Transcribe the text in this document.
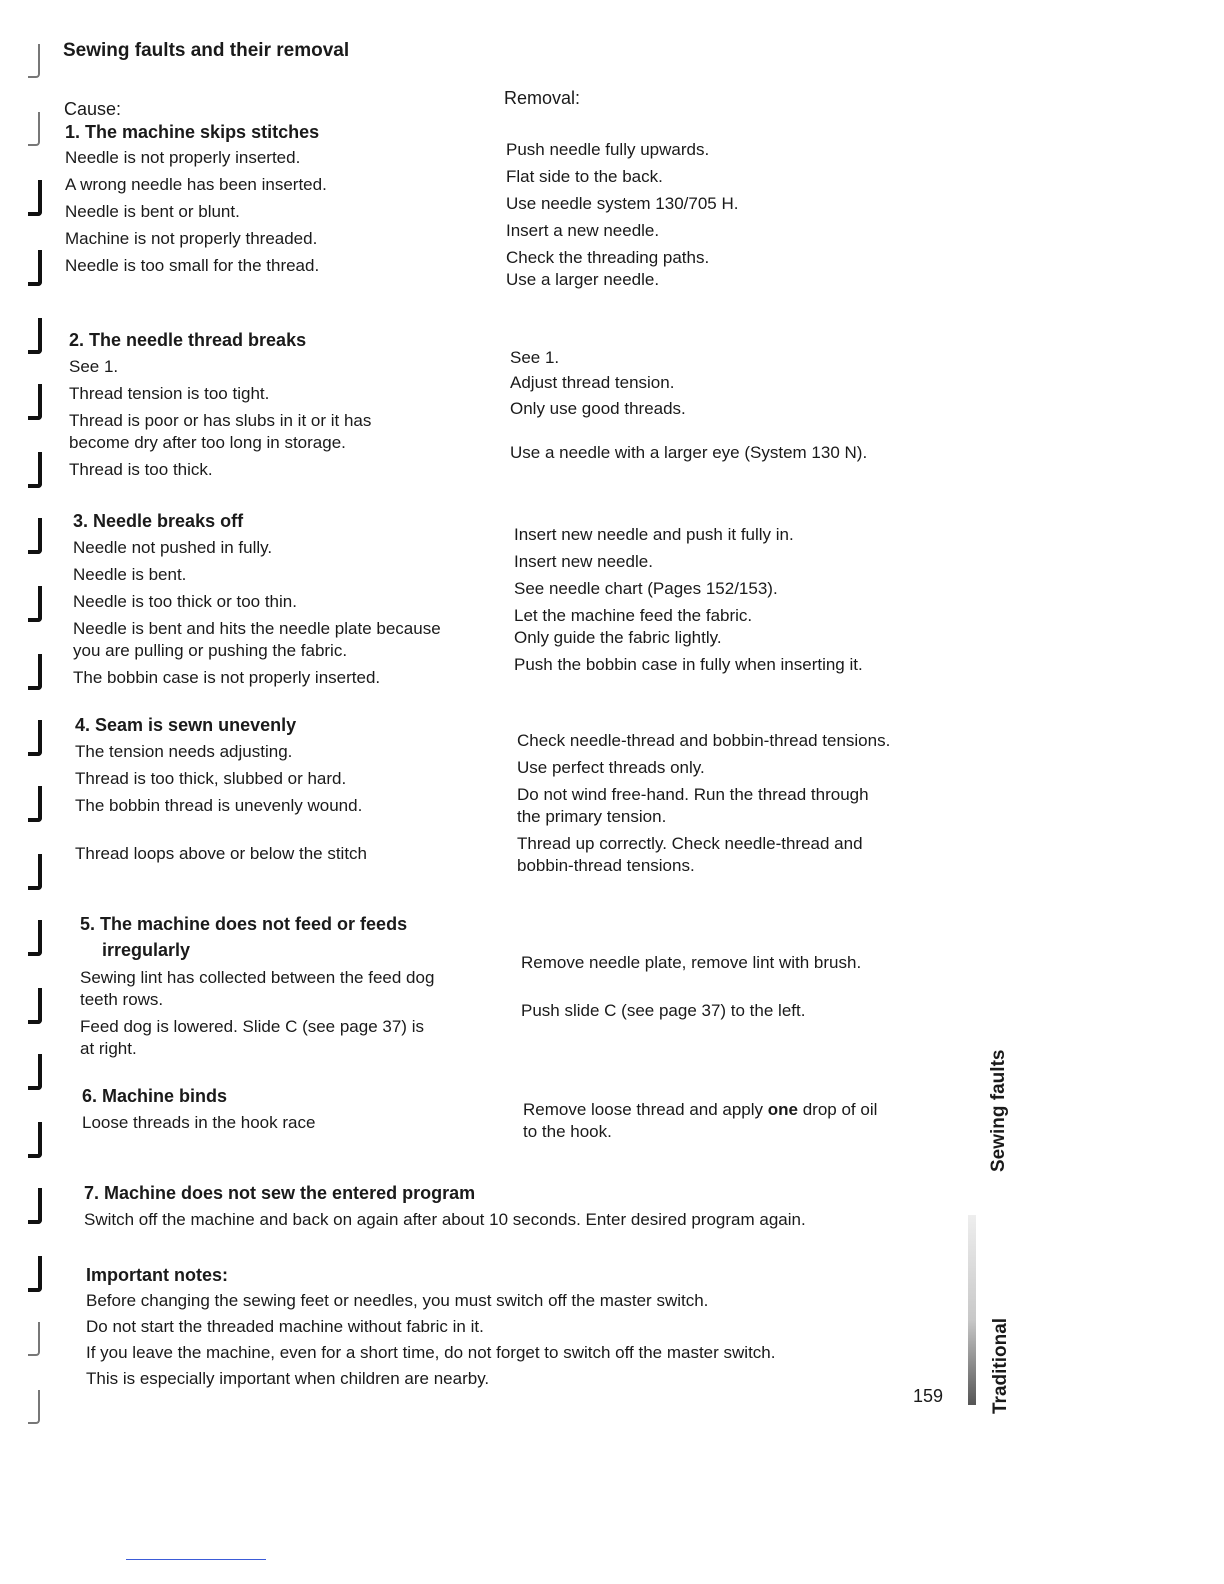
Sewing faults and their removal
Cause:
Removal:
1. The machine skips stitches
Needle is not properly inserted.
A wrong needle has been inserted.
Needle is bent or blunt.
Machine is not properly threaded.
Needle is too small for the thread.
Push needle fully upwards.
Flat side to the back.
Use needle system 130/705 H.
Insert a new needle.
Check the threading paths.
Use a larger needle.
2. The needle thread breaks
See 1.
Thread tension is too tight.
Thread is poor or has slubs in it or it has
become dry after too long in storage.
Thread is too thick.
See 1.
Adjust thread tension.
Only use good threads.
Use a needle with a larger eye (System 130 N).
3. Needle breaks off
Needle not pushed in fully.
Needle is bent.
Needle is too thick or too thin.
Needle is bent and hits the needle plate because
you are pulling or pushing the fabric.
The bobbin case is not properly inserted.
Insert new needle and push it fully in.
Insert new needle.
See needle chart (Pages 152/153).
Let the machine feed the fabric.
Only guide the fabric lightly.
Push the bobbin case in fully when inserting it.
4. Seam is sewn unevenly
The tension needs adjusting.
Thread is too thick, slubbed or hard.
The bobbin thread is unevenly wound.
Thread loops above or below the stitch
Check needle-thread and bobbin-thread tensions.
Use perfect threads only.
Do not wind free-hand. Run the thread through
the primary tension.
Thread up correctly. Check needle-thread and
bobbin-thread tensions.
5. The machine does not feed or feeds
irregularly
Sewing lint has collected between the feed dog
teeth rows.
Feed dog is lowered. Slide C (see page 37) is
at right.
Remove needle plate, remove lint with brush.
Push slide C (see page 37) to the left.
6. Machine binds
Loose threads in the hook race
Remove loose thread and apply one drop of oil
to the hook.
7. Machine does not sew the entered program
Switch off the machine and back on again after about 10 seconds. Enter desired program again.
Important notes:
Before changing the sewing feet or needles, you must switch off the master switch.
Do not start the threaded machine without fabric in it.
If you leave the machine, even for a short time, do not forget to switch off the master switch.
This is especially important when children are nearby.
159
Sewing faults
Traditional
